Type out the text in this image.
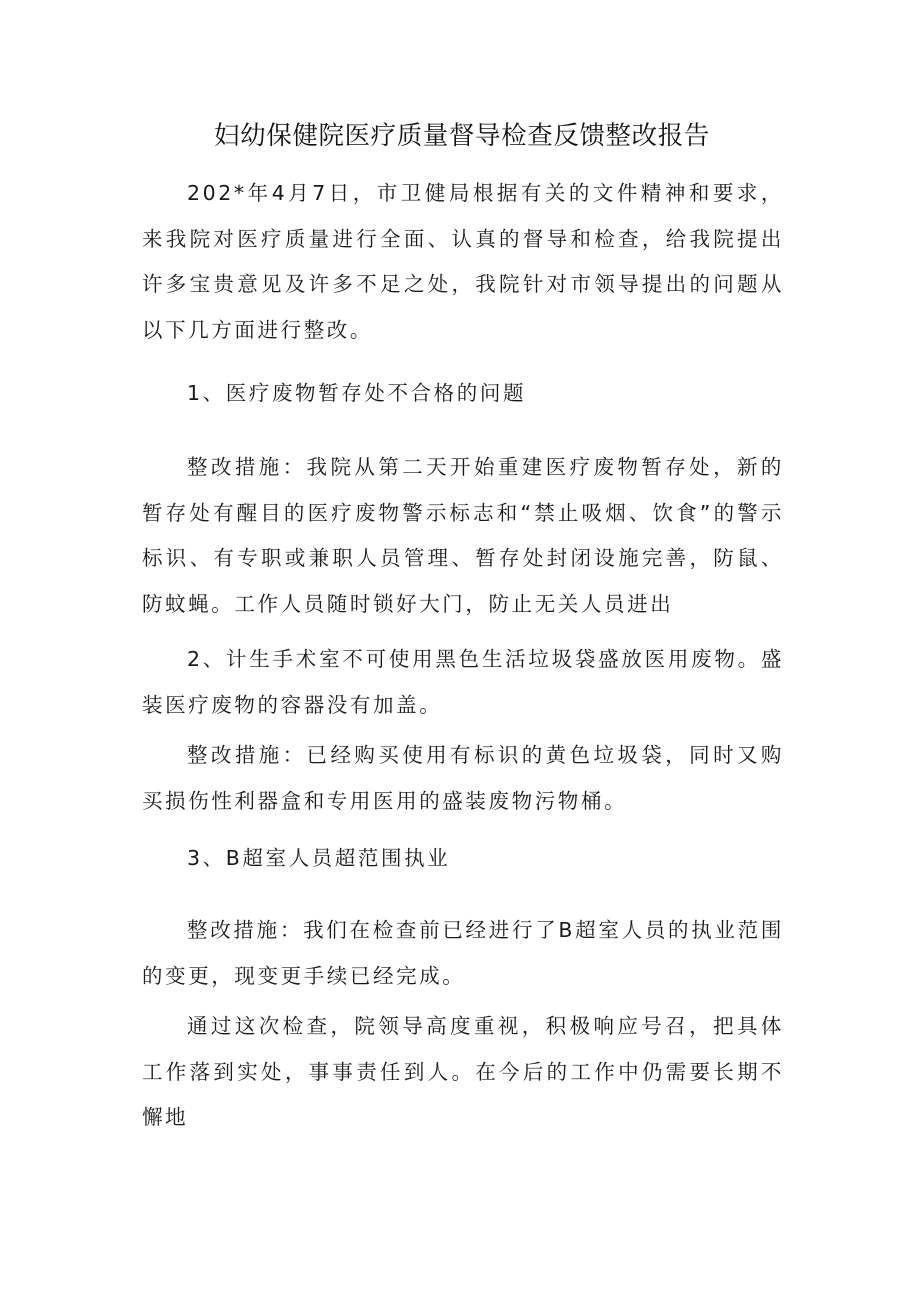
妇幼保健院医疗质量督导检查反馈整改报告

202*年4月7日，市卫健局根据有关的文件精神和要求，来我院对医疗质量进行全面、认真的督导和检查，给我院提出许多宝贵意见及许多不足之处，我院针对市领导提出的问题从以下几方面进行整改。

1、医疗废物暂存处不合格的问题

整改措施：我院从第二天开始重建医疗废物暂存处，新的暂存处有醒目的医疗废物警示标志和“禁止吸烟、饮食”的警示标识、有专职或兼职人员管理、暂存处封闭设施完善，防鼠、防蚊蝇。工作人员随时锁好大门，防止无关人员进出

2、计生手术室不可使用黑色生活垃圾袋盛放医用废物。盛装医疗废物的容器没有加盖。

整改措施：已经购买使用有标识的黄色垃圾袋，同时又购买损伤性利器盒和专用医用的盛装废物污物桶。

3、B超室人员超范围执业

整改措施：我们在检查前已经进行了B超室人员的执业范围的变更，现变更手续已经完成。

通过这次检查，院领导高度重视，积极响应号召，把具体工作落到实处，事事责任到人。在今后的工作中仍需要长期不懈地
